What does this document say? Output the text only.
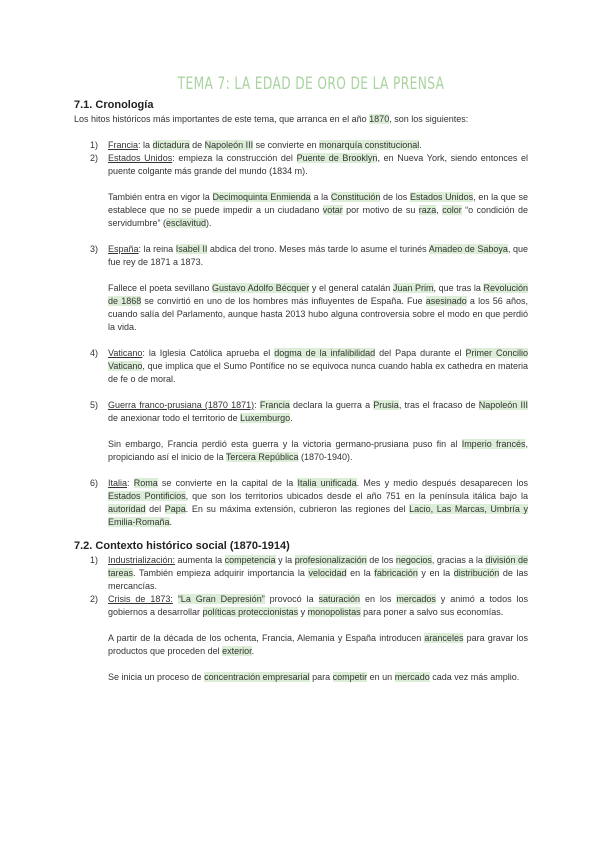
TEMA 7: LA EDAD DE ORO DE LA PRENSA
7.1. Cronología

Los hitos históricos más importantes de este tema, que arranca en el año 1870, son los siguientes:

1) Francia: la dictadura de Napoleón III se convierte en monarquía constitucional.

2) Estados Unidos: empieza la construcción del Puente de Brooklyn, en Nueva York, siendo entonces el puente colgante más grande del mundo (1834 m).

También entra en vigor la Decimoquinta Enmienda a la Constitución de los Estados Unidos, en la que se establece que no se puede impedir a un ciudadano votar por motivo de su raza, color “o condición de servidumbre” (esclavitud).

3) España: la reina Isabel II abdica del trono. Meses más tarde lo asume el turinés Amadeo de Saboya, que fue rey de 1871 a 1873.

Fallece el poeta sevillano Gustavo Adolfo Bécquer y el general catalán Juan Prim, que tras la Revolución de 1868 se convirtió en uno de los hombres más influyentes de España. Fue asesinado a los 56 años, cuando salía del Parlamento, aunque hasta 2013 hubo alguna controversia sobre el modo en que perdió la vida.

4) Vaticano: la Iglesia Católica aprueba el dogma de la infalibilidad del Papa durante el Primer Concilio Vaticano, que implica que el Sumo Pontífice no se equivoca nunca cuando habla ex cathedra en materia de fe o de moral.

5) Guerra franco-prusiana (1870 1871): Francia declara la guerra a Prusia, tras el fracaso de Napoleón III de anexionar todo el territorio de Luxemburgo.

Sin embargo, Francia perdió esta guerra y la victoria germano-prusiana puso fin al Imperio francés, propiciando así el inicio de la Tercera República (1870-1940).

6) Italia: Roma se convierte en la capital de la Italia unificada. Mes y medio después desaparecen los Estados Pontificios, que son los territorios ubicados desde el año 751 en la península itálica bajo la autoridad del Papa. En su máxima extensión, cubrieron las regiones del Lacio, Las Marcas, Umbría y Emilia-Romaña.

7.2. Contexto histórico social (1870-1914)
1) Industrialización: aumenta la competencia y la profesionalización de los negocios, gracias a la división de tareas. También empieza adquirir importancia la velocidad en la fabricación y en la distribución de las mercancías.

2) Crisis de 1873: “La Gran Depresión” provocó la saturación en los mercados y animó a todos los gobiernos a desarrollar políticas proteccionistas y monopolistas para poner a salvo sus economías.

A partir de la década de los ochenta, Francia, Alemania y España introducen aranceles para gravar los productos que proceden del exterior.

Se inicia un proceso de concentración empresarial para competir en un mercado cada vez más amplio.
